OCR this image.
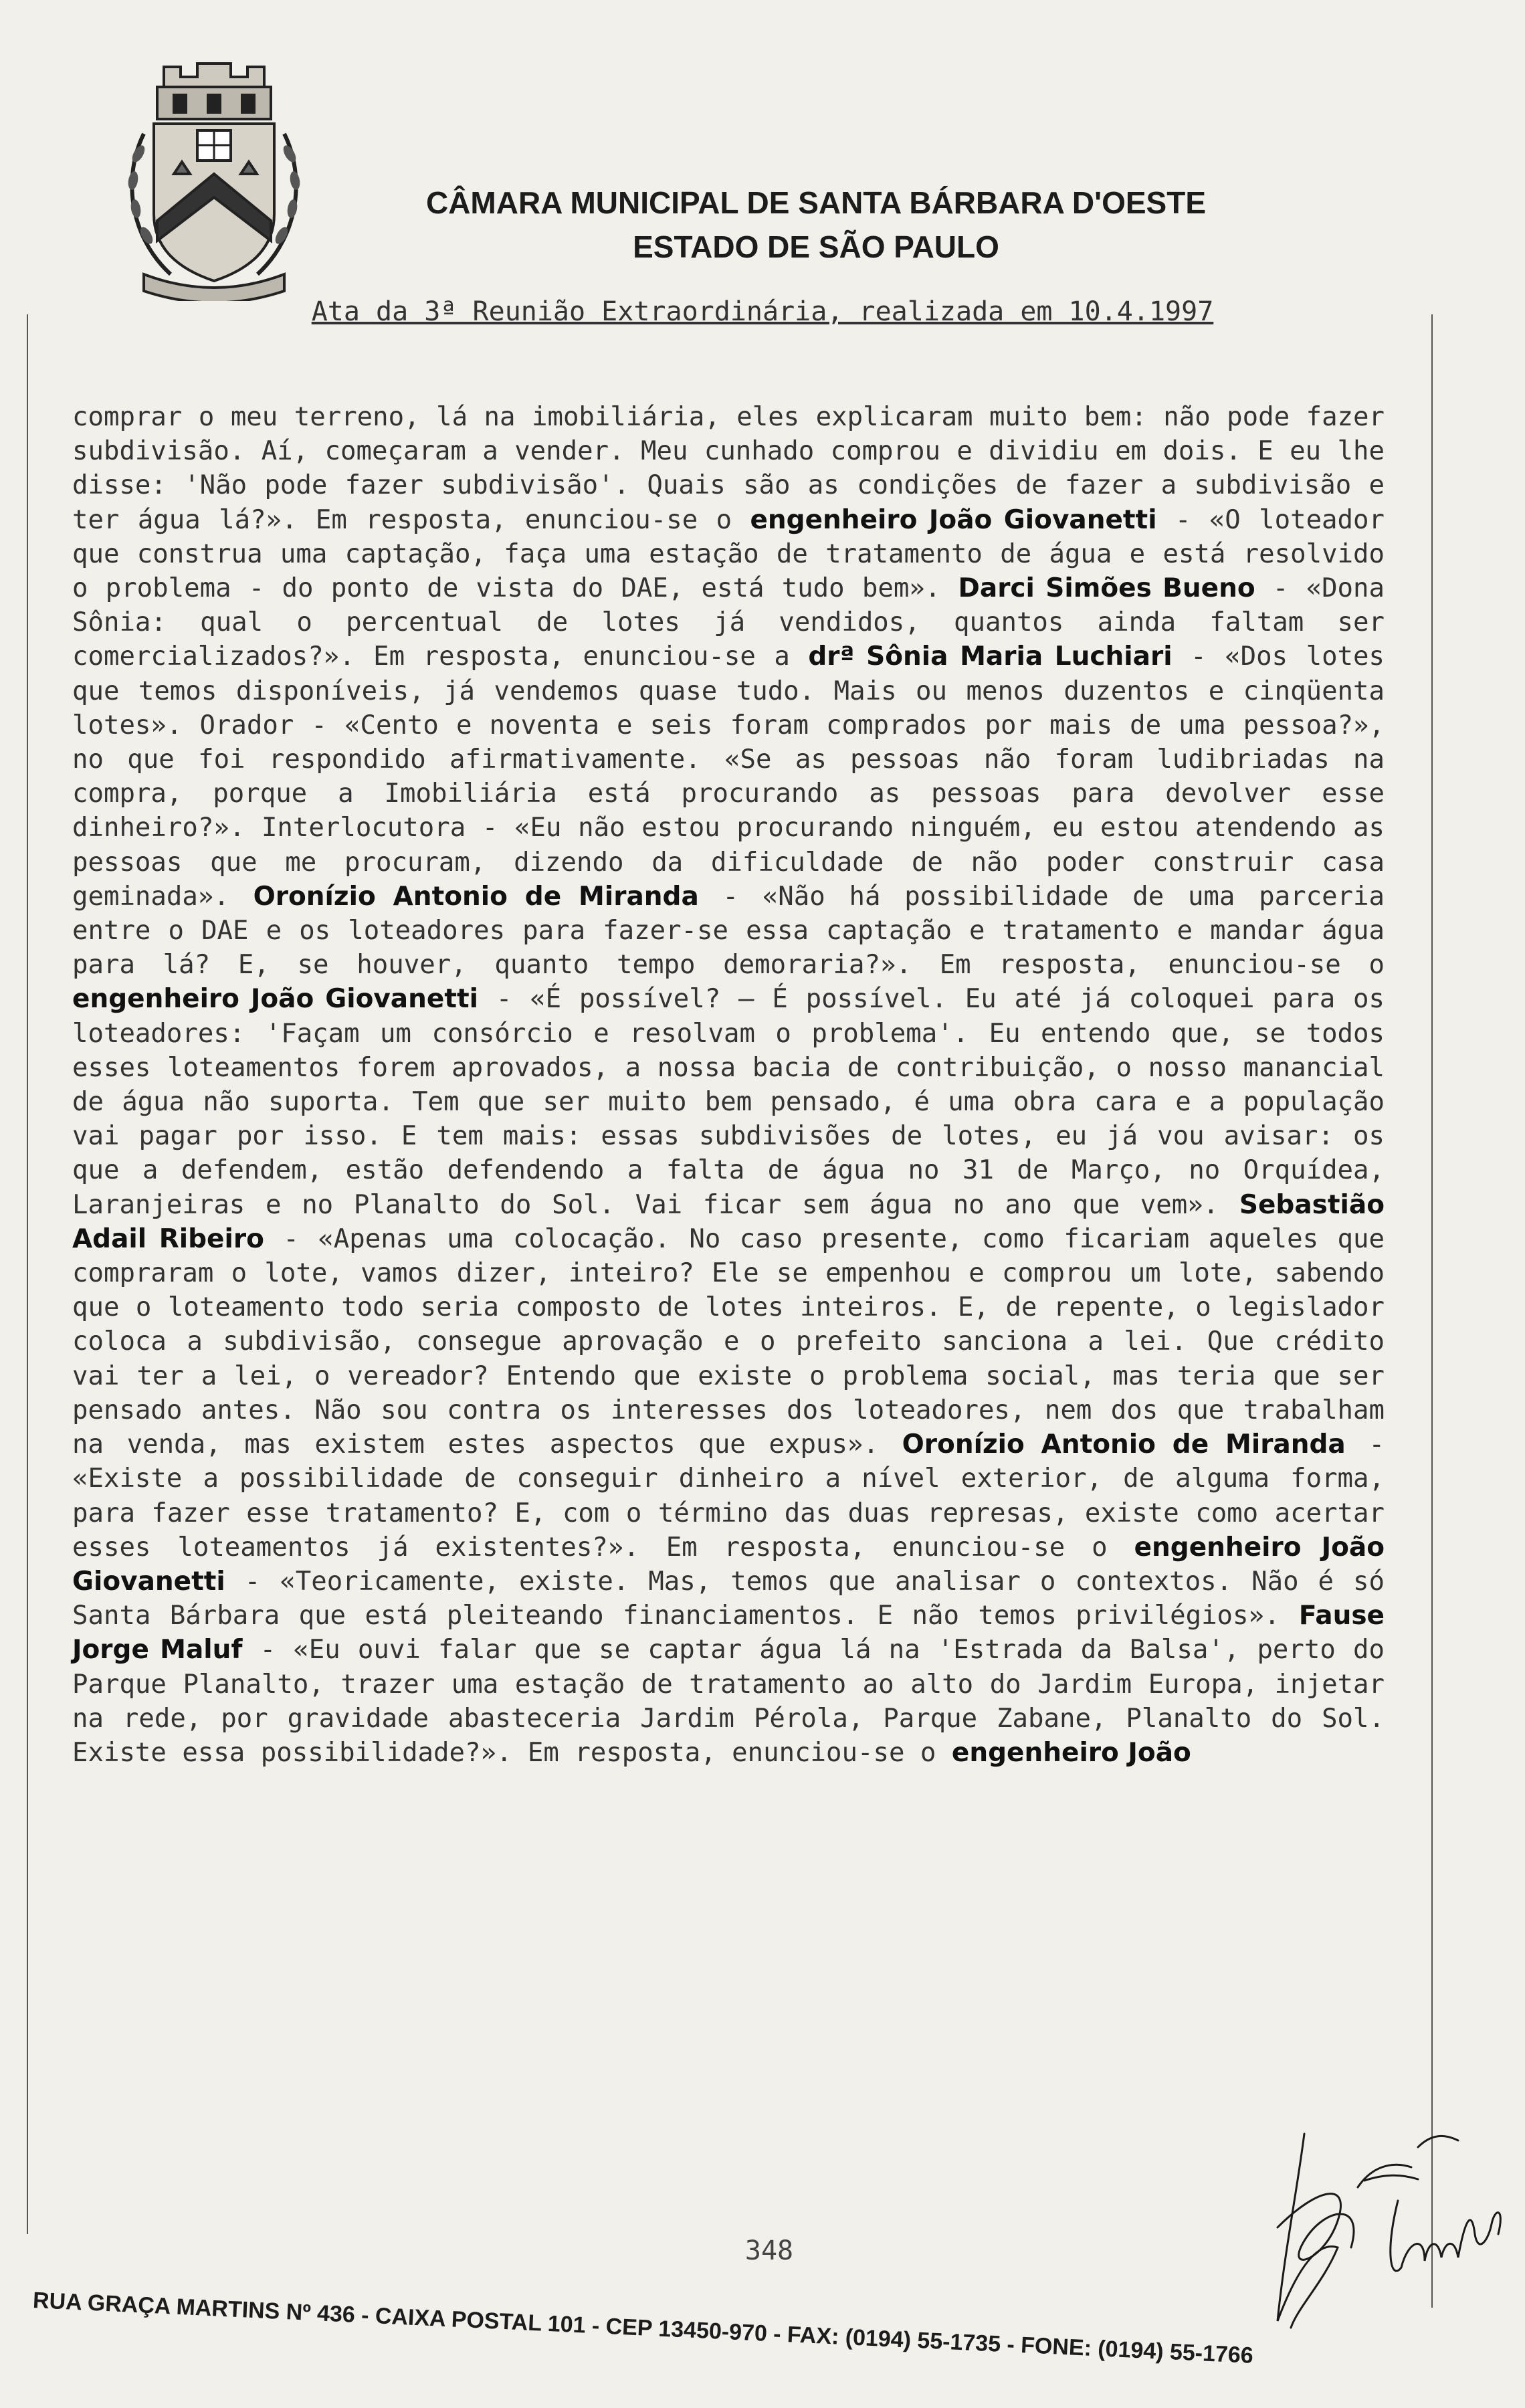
CÂMARA MUNICIPAL DE SANTA BÁRBARA D'OESTE
ESTADO DE SÃO PAULO
Ata da 3ª Reunião Extraordinária, realizada em 10.4.1997
comprar o meu terreno, lá na imobiliária, eles explicaram muito bem: não pode fazer subdivisão. Aí, começaram a vender. Meu cunhado comprou e dividiu em dois. E eu lhe disse: 'Não pode fazer subdivisão'. Quais são as condições de fazer a subdivisão e ter água lá?». Em resposta, enunciou-se o engenheiro João Giovanetti - «O loteador que construa uma captação, faça uma estação de tratamento de água e está resolvido o problema - do ponto de vista do DAE, está tudo bem». Darci Simões Bueno - «Dona Sônia: qual o percentual de lotes já vendidos, quantos ainda faltam ser comercializados?». Em resposta, enunciou-se a drª Sônia Maria Luchiari - «Dos lotes que temos disponíveis, já vendemos quase tudo. Mais ou menos duzentos e cinqüenta lotes». Orador - «Cento e noventa e seis foram comprados por mais de uma pessoa?», no que foi respondido afirmativamente. «Se as pessoas não foram ludibriadas na compra, porque a Imobiliária está procurando as pessoas para devolver esse dinheiro?». Interlocutora - «Eu não estou procurando ninguém, eu estou atendendo as pessoas que me procuram, dizendo da dificuldade de não poder construir casa geminada». Oronízio Antonio de Miranda - «Não há possibilidade de uma parceria entre o DAE e os loteadores para fazer-se essa captação e tratamento e mandar água para lá? E, se houver, quanto tempo demoraria?». Em resposta, enunciou-se o engenheiro João Giovanetti - «É possível? — É possível. Eu até já coloquei para os loteadores: 'Façam um consórcio e resolvam o problema'. Eu entendo que, se todos esses loteamentos forem aprovados, a nossa bacia de contribuição, o nosso manancial de água não suporta. Tem que ser muito bem pensado, é uma obra cara e a população vai pagar por isso. E tem mais: essas subdivisões de lotes, eu já vou avisar: os que a defendem, estão defendendo a falta de água no 31 de Março, no Orquídea, Laranjeiras e no Planalto do Sol. Vai ficar sem água no ano que vem». Sebastião Adail Ribeiro - «Apenas uma colocação. No caso presente, como ficariam aqueles que compraram o lote, vamos dizer, inteiro? Ele se empenhou e comprou um lote, sabendo que o loteamento todo seria composto de lotes inteiros. E, de repente, o legislador coloca a subdivisão, consegue aprovação e o prefeito sanciona a lei. Que crédito vai ter a lei, o vereador? Entendo que existe o problema social, mas teria que ser pensado antes. Não sou contra os interesses dos loteadores, nem dos que trabalham na venda, mas existem estes aspectos que expus». Oronízio Antonio de Miranda - «Existe a possibilidade de conseguir dinheiro a nível exterior, de alguma forma, para fazer esse tratamento? E, com o término das duas represas, existe como acertar esses loteamentos já existentes?». Em resposta, enunciou-se o engenheiro João Giovanetti - «Teoricamente, existe. Mas, temos que analisar o contextos. Não é só Santa Bárbara que está pleiteando financiamentos. E não temos privilégios». Fause Jorge Maluf - «Eu ouvi falar que se captar água lá na 'Estrada da Balsa', perto do Parque Planalto, trazer uma estação de tratamento ao alto do Jardim Europa, injetar na rede, por gravidade abasteceria Jardim Pérola, Parque Zabane, Planalto do Sol. Existe essa possibilidade?». Em resposta, enunciou-se o engenheiro João
348
RUA GRAÇA MARTINS Nº 436 - CAIXA POSTAL 101 - CEP 13450-970 - FAX: (0194) 55-1735 - FONE: (0194) 55-1766
